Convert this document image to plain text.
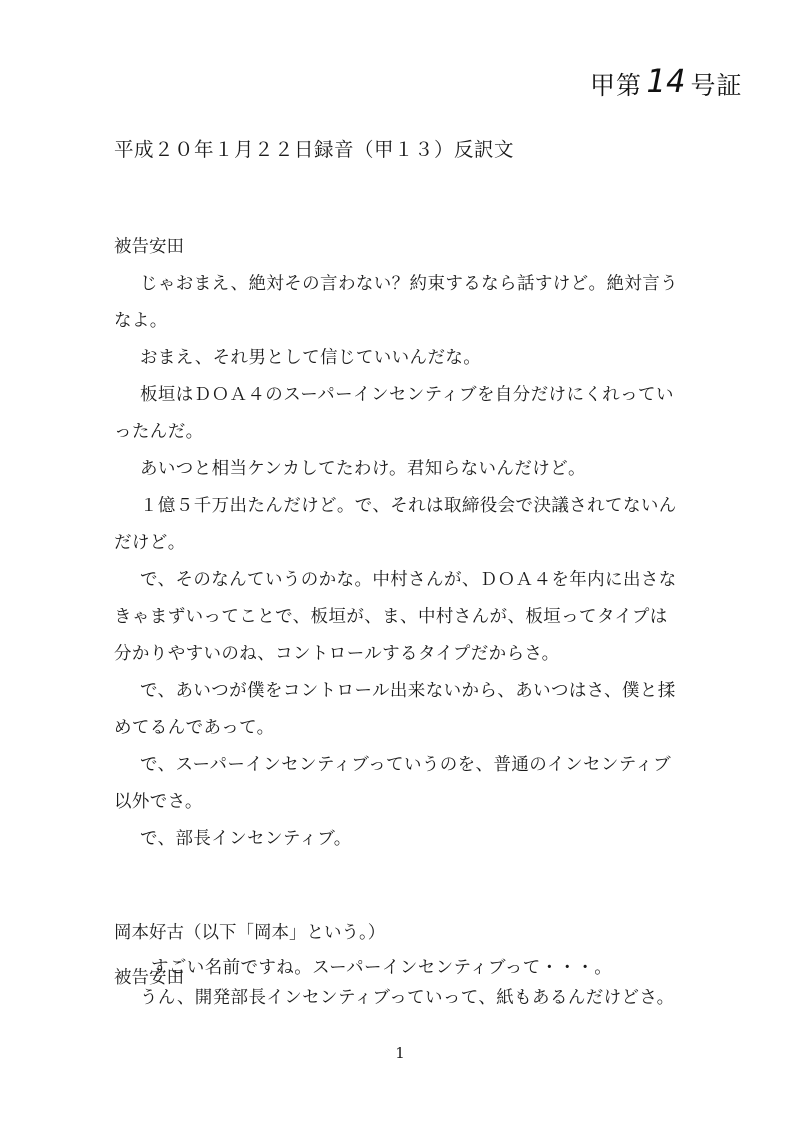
甲第 14 号証
平成２０年１月２２日録音（甲１３）反訳文
被告安田
じゃおまえ、絶対その言わない？約束するなら話すけど。絶対言う
なよ。
おまえ、それ男として信じていいんだな。
板垣はＤＯＡ４のスーパーインセンティブを自分だけにくれってい
ったんだ。
あいつと相当ケンカしてたわけ。君知らないんだけど。
１億５千万出たんだけど。で、それは取締役会で決議されてないん
だけど。
で、そのなんていうのかな。中村さんが、ＤＯＡ４を年内に出さな
きゃまずいってことで、板垣が、ま、中村さんが、板垣ってタイプは
分かりやすいのね、コントロールするタイプだからさ。
で、あいつが僕をコントロール出来ないから、あいつはさ、僕と揉
めてるんであって。
で、スーパーインセンティブっていうのを、普通のインセンティブ
以外でさ。
で、部長インセンティブ。
岡本好古（以下「岡本」という。）
すごい名前ですね。スーパーインセンティブって・・・。
被告安田
うん、開発部長インセンティブっていって、紙もあるんだけどさ。
1
